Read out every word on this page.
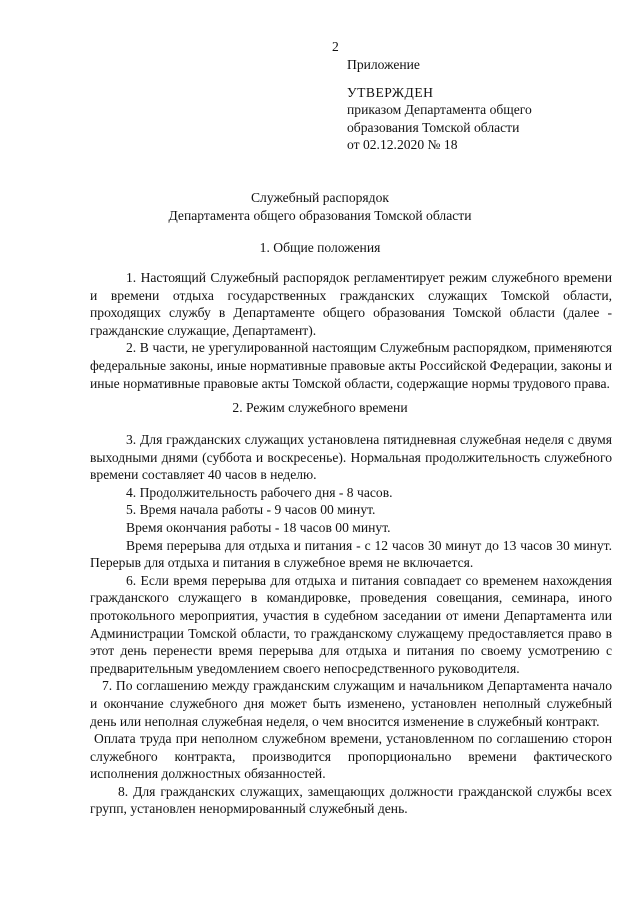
2
Приложение
УТВЕРЖДЕН
приказом Департамента общего
образования Томской области
от 02.12.2020 № 18
Служебный распорядок
Департамента общего образования Томской области
1. Общие положения

1. Настоящий Служебный распорядок регламентирует режим служебного времени и времени отдыха государственных гражданских служащих Томской области, проходящих службу в Департаменте общего образования Томской области (далее - гражданские служащие, Департамент).

2. В части, не урегулированной настоящим Служебным распорядком, применяются федеральные законы, иные нормативные правовые акты Российской Федерации, законы и иные нормативные правовые акты Томской области, содержащие нормы трудового права.

2. Режим служебного времени

3. Для гражданских служащих установлена пятидневная служебная неделя с двумя выходными днями (суббота и воскресенье). Нормальная продолжительность служебного времени составляет 40 часов в неделю.

4. Продолжительность рабочего дня - 8 часов.

5. Время начала работы - 9 часов 00 минут.

Время окончания работы - 18 часов 00 минут.

Время перерыва для отдыха и питания - с 12 часов 30 минут до 13 часов 30 минут. Перерыв для отдыха и питания в служебное время не включается.

6. Если время перерыва для отдыха и питания совпадает со временем нахождения гражданского служащего в командировке, проведения совещания, семинара, иного протокольного мероприятия, участия в судебном заседании от имени Департамента или Администрации Томской области, то гражданскому служащему предоставляется право в этот день перенести время перерыва для отдыха и питания по своему усмотрению с предварительным уведомлением своего непосредственного руководителя.

7. По соглашению между гражданским служащим и начальником Департамента начало и окончание служебного дня может быть изменено, установлен неполный служебный день или неполная служебная неделя, о чем вносится изменение в служебный контракт.

Оплата труда при неполном служебном времени, установленном по соглашению сторон служебного контракта, производится пропорционально времени фактического исполнения должностных обязанностей.

8. Для гражданских служащих, замещающих должности гражданской службы всех групп, установлен ненормированный служебный день.
